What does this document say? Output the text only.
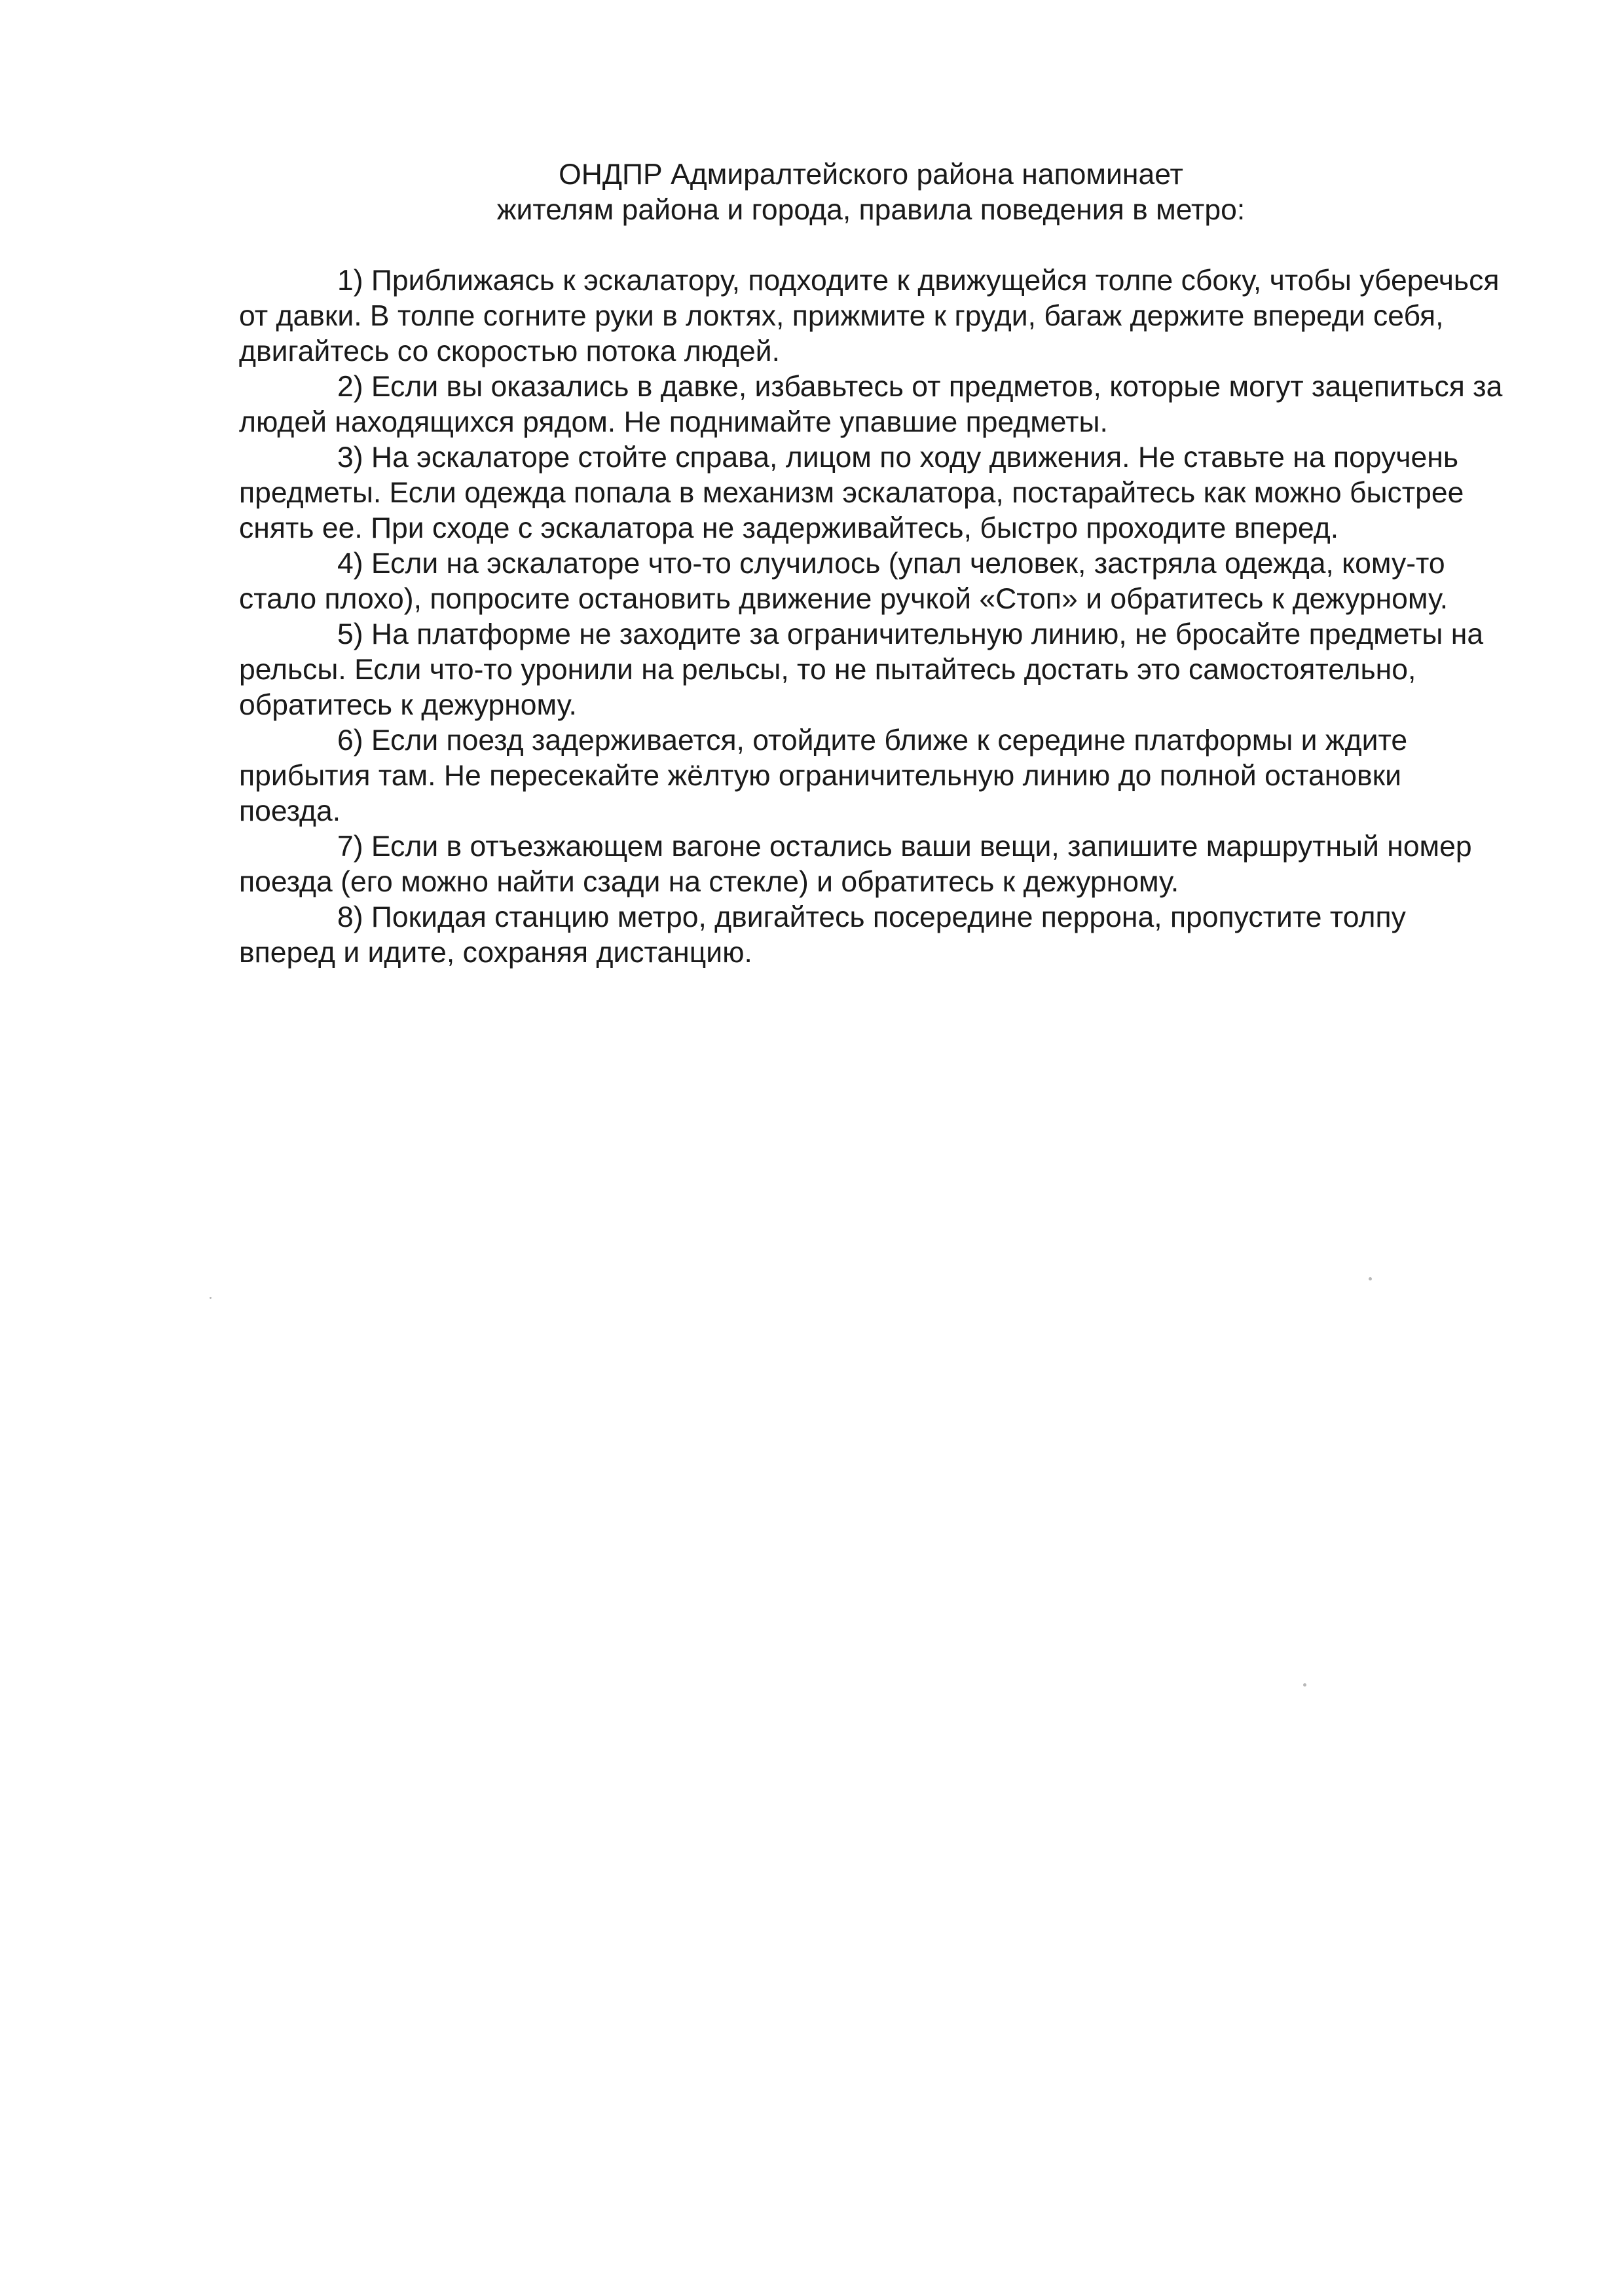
ОНДПР Адмиралтейского района напоминает
жителям района и города, правила поведения в метро:

1) Приближаясь к эскалатору, подходите к движущейся толпе сбоку, чтобы уберечься от давки. В толпе согните руки в локтях, прижмите к груди, багаж держите впереди себя, двигайтесь со скоростью потока людей.

2) Если вы оказались в давке, избавьтесь от предметов, которые могут зацепиться за людей находящихся рядом. Не поднимайте упавшие предметы.

3) На эскалаторе стойте справа, лицом по ходу движения. Не ставьте на поручень предметы. Если одежда попала в механизм эскалатора, постарайтесь как можно быстрее снять ее. При сходе с эскалатора не задерживайтесь, быстро проходите вперед.

4) Если на эскалаторе что-то случилось (упал человек, застряла одежда, кому-то стало плохо), попросите остановить движение ручкой «Стоп» и обратитесь к дежурному.

5) На платформе не заходите за ограничительную линию, не бросайте предметы на рельсы. Если что-то уронили на рельсы, то не пытайтесь достать это самостоятельно, обратитесь к дежурному.

6) Если поезд задерживается, отойдите ближе к середине платформы и ждите прибытия там. Не пересекайте жёлтую ограничительную линию до полной остановки поезда.

7) Если в отъезжающем вагоне остались ваши вещи, запишите маршрутный номер поезда (его можно найти сзади на стекле) и обратитесь к дежурному.

8) Покидая станцию метро, двигайтесь посередине перрона, пропустите толпу вперед и идите, сохраняя дистанцию.
